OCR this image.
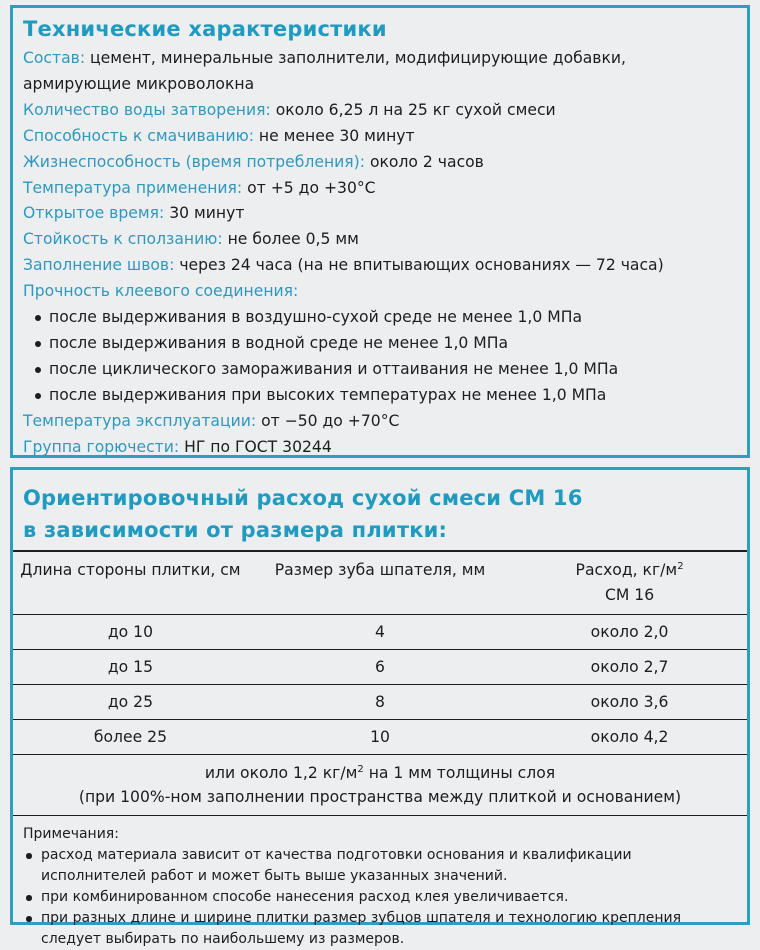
Технические характеристики
Состав: цемент, минеральные заполнители, модифицирующие добавки, армирующие микроволокна
Количество воды затворения: около 6,25 л на 25 кг сухой смеси
Способность к смачиванию: не менее 30 минут
Жизнеспособность (время потребления): около 2 часов
Температура применения: от +5 до +30°С
Открытое время: 30 минут
Стойкость к сползанию: не более 0,5 мм
Заполнение швов: через 24 часа (на не впитывающих основаниях — 72 часа)
Прочность клеевого соединения:
после выдерживания в воздушно-сухой среде не менее 1,0 МПа
после выдерживания в водной среде не менее 1,0 МПа
после циклического замораживания и оттаивания не менее 1,0 МПа
после выдерживания при высоких температурах не менее 1,0 МПа
Температура эксплуатации: от −50 до +70°С
Группа горючести: НГ по ГОСТ 30244
Ориентировочный расход сухой смеси СМ 16
в зависимости от размера плитки:
Длина стороны плитки, см	Размер зуба шпателя, мм	Расход, $кг/м^2$
СМ 16
до 10	4	около 2,0
до 15	6	около 2,7
до 25	8	около 3,6
более 25	10	около 4,2
или около 1,2 $кг/м^2$ на 1 мм толщины слоя
(при 100%-ном заполнении пространства между плиткой и основанием)		
Примечания:
расход материала зависит от качества подготовки основания и квалификации исполнителей работ и может быть выше указанных значений.
при комбинированном способе нанесения расход клея увеличивается.
при разных длине и ширине плитки размер зубцов шпателя и технологию крепления следует выбирать по наибольшему из размеров.
